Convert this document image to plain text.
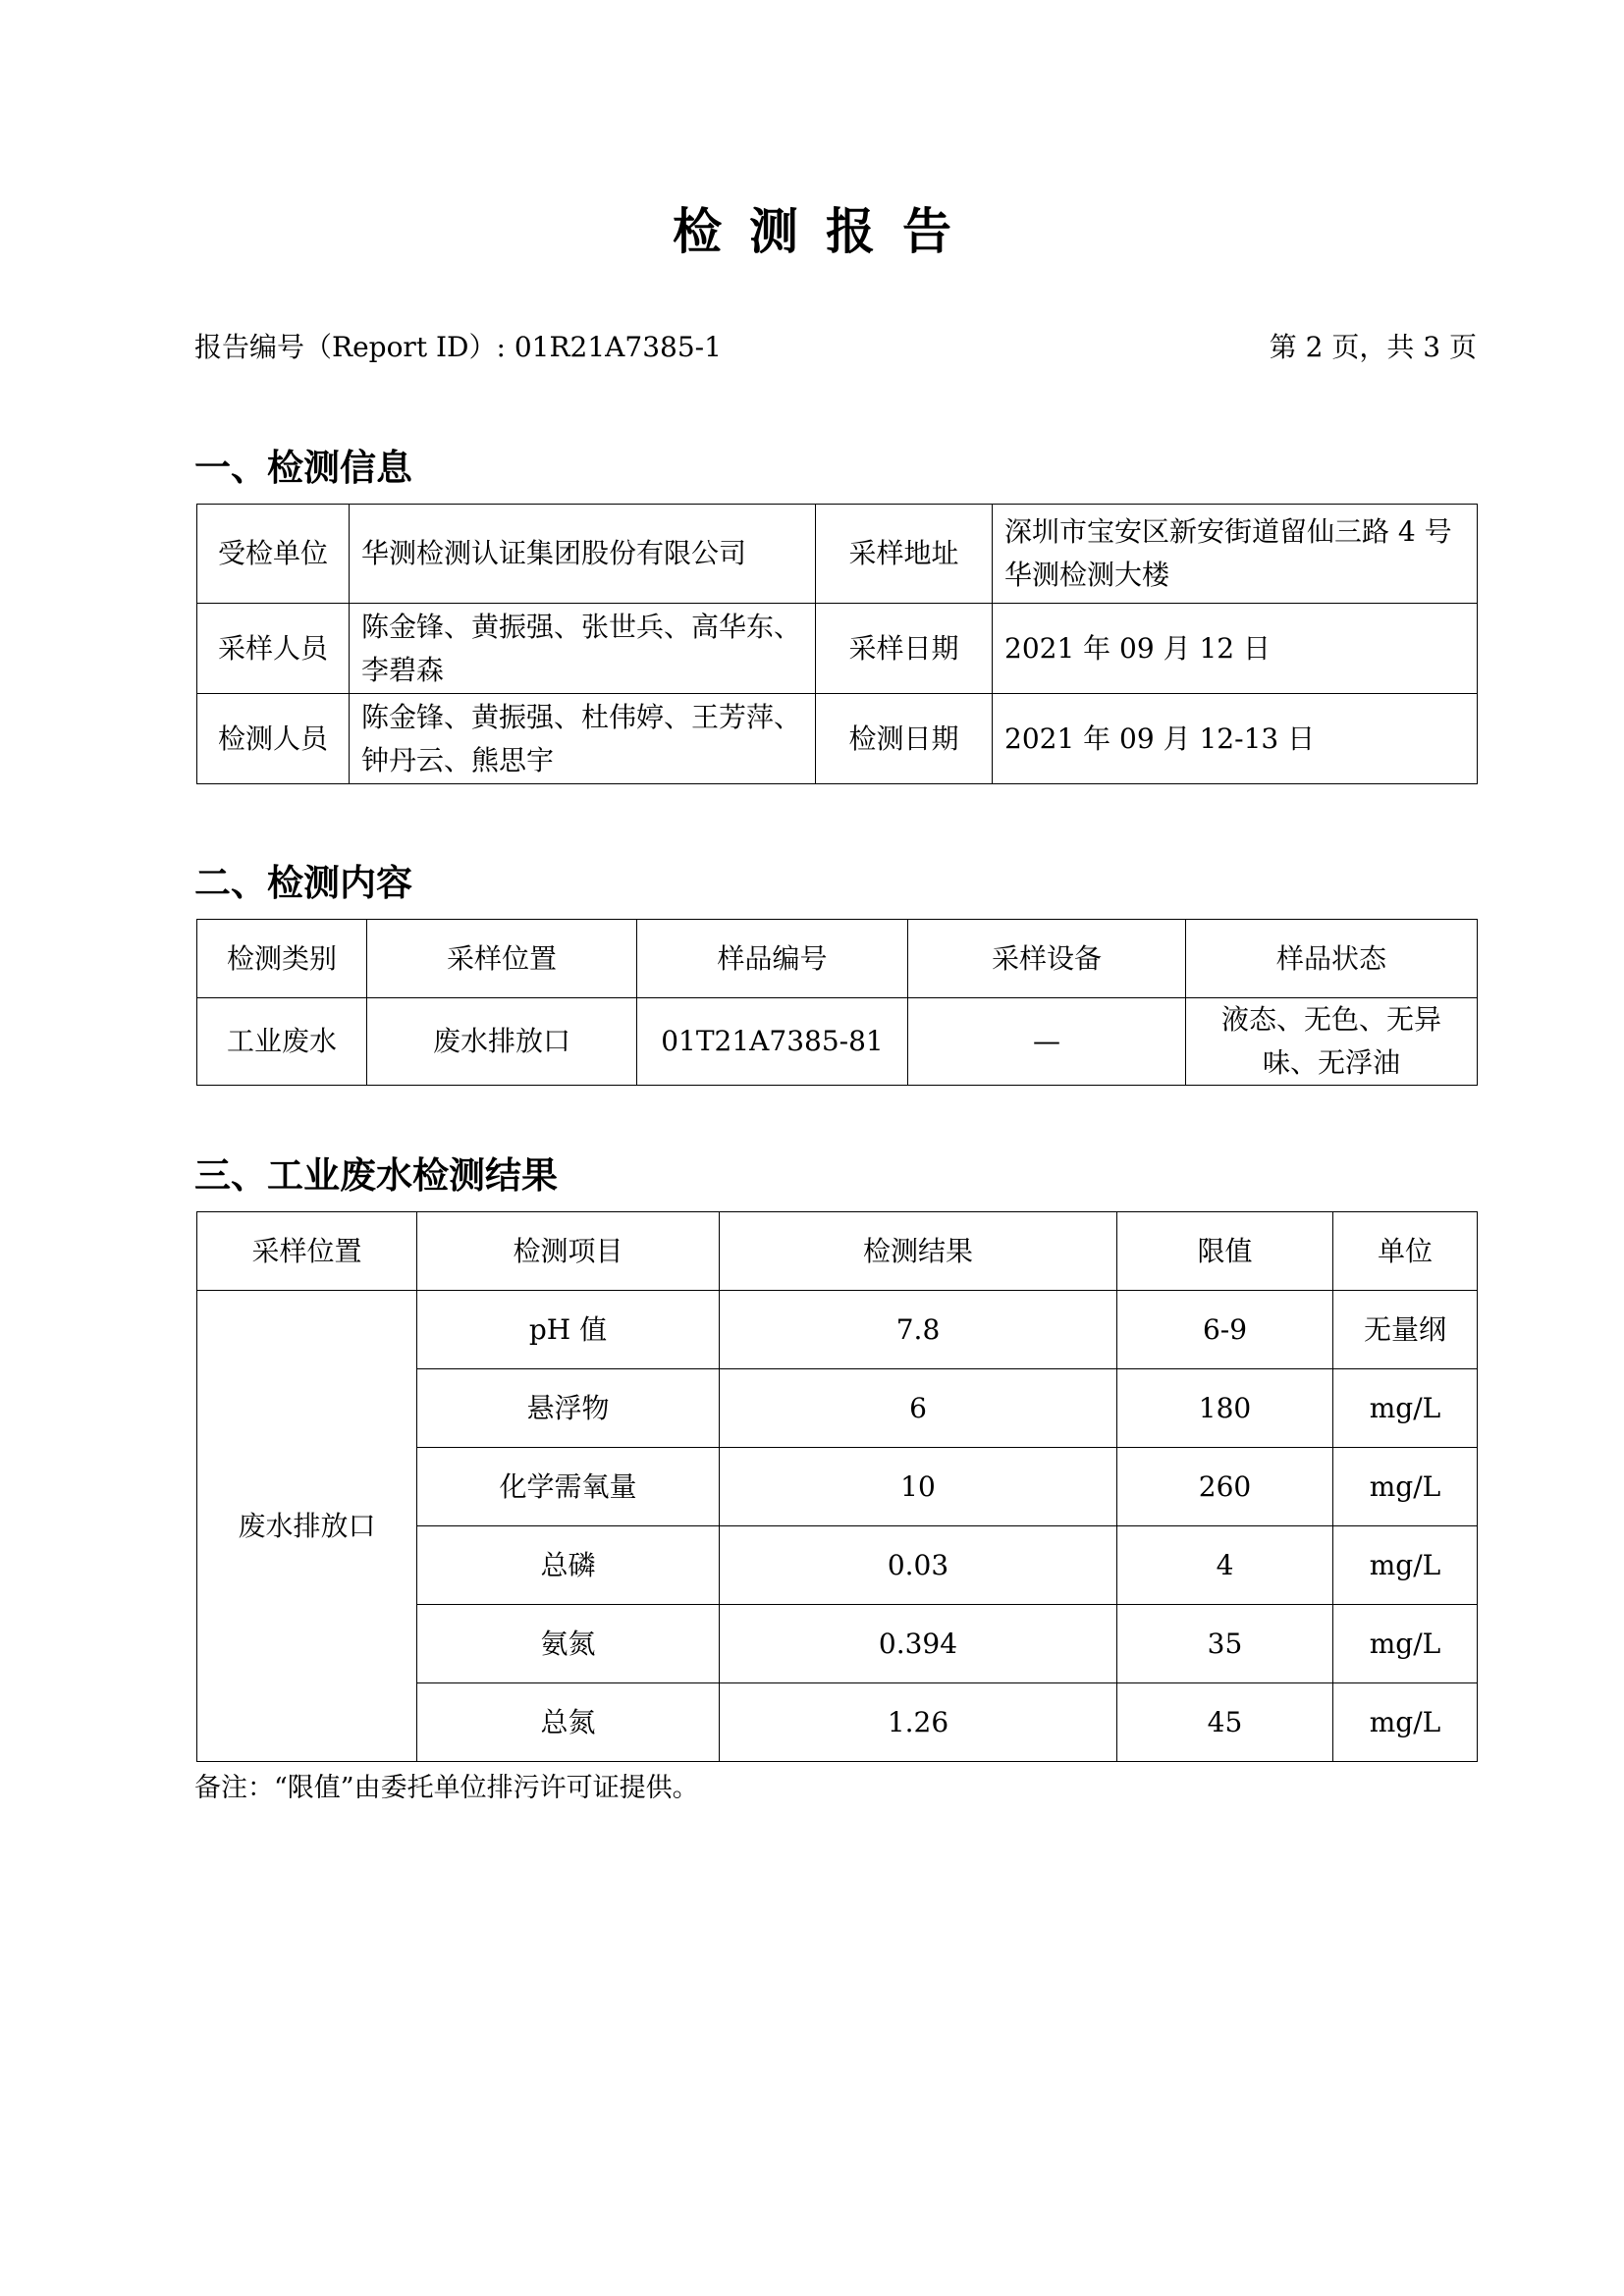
检测报告
报告编号（Report ID）: 01R21A7385-1	第 2 页，共 3 页
一、检测信息
受检单位	华测检测认证集团股份有限公司	采样地址	深圳市宝安区新安街道留仙三路 4 号华测检测大楼
采样人员	陈金锋、黄振强、张世兵、高华东、李碧森	采样日期	2021 年 09 月 12 日
检测人员	陈金锋、黄振强、杜伟婷、王芳萍、钟丹云、熊思宇	检测日期	2021 年 09 月 12-13 日
二、检测内容
检测类别	采样位置	样品编号	采样设备	样品状态
工业废水	废水排放口	01T21A7385-81	—	液态、无色、无异味、无浮油
三、工业废水检测结果
采样位置	检测项目	检测结果	限值	单位
废水排放口	pH 值	7.8	6-9	无量纲
	悬浮物	6	180	mg/L
	化学需氧量	10	260	mg/L
	总磷	0.03	4	mg/L
	氨氮	0.394	35	mg/L
	总氮	1.26	45	mg/L
备注：“限值”由委托单位排污许可证提供。
